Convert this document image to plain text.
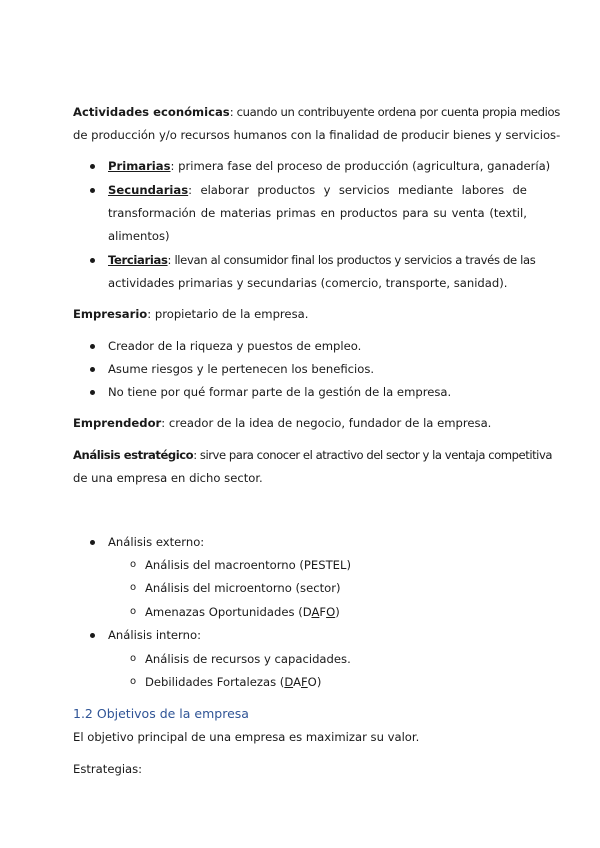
Actividades económicas: cuando un contribuyente ordena por cuenta propia medios
de producción y/o recursos humanos con la finalidad de producir bienes y servicios-
Primarias: primera fase del proceso de producción (agricultura, ganadería)
Secundarias: elaborar productos y servicios mediante labores de
transformación de materias primas en productos para su venta (textil,
alimentos)
Terciarias: llevan al consumidor final los productos y servicios a través de las
actividades primarias y secundarias (comercio, transporte, sanidad).
Empresario: propietario de la empresa.
Creador de la riqueza y puestos de empleo.
Asume riesgos y le pertenecen los beneficios.
No tiene por qué formar parte de la gestión de la empresa.
Emprendedor: creador de la idea de negocio, fundador de la empresa.
Análisis estratégico: sirve para conocer el atractivo del sector y la ventaja competitiva
de una empresa en dicho sector.
Análisis externo:
o Análisis del macroentorno (PESTEL)
o Análisis del microentorno (sector)
o Amenazas Oportunidades (DAFO)
Análisis interno:
o Análisis de recursos y capacidades.
o Debilidades Fortalezas (DAFO)
1.2 Objetivos de la empresa
El objetivo principal de una empresa es maximizar su valor.
Estrategias:
